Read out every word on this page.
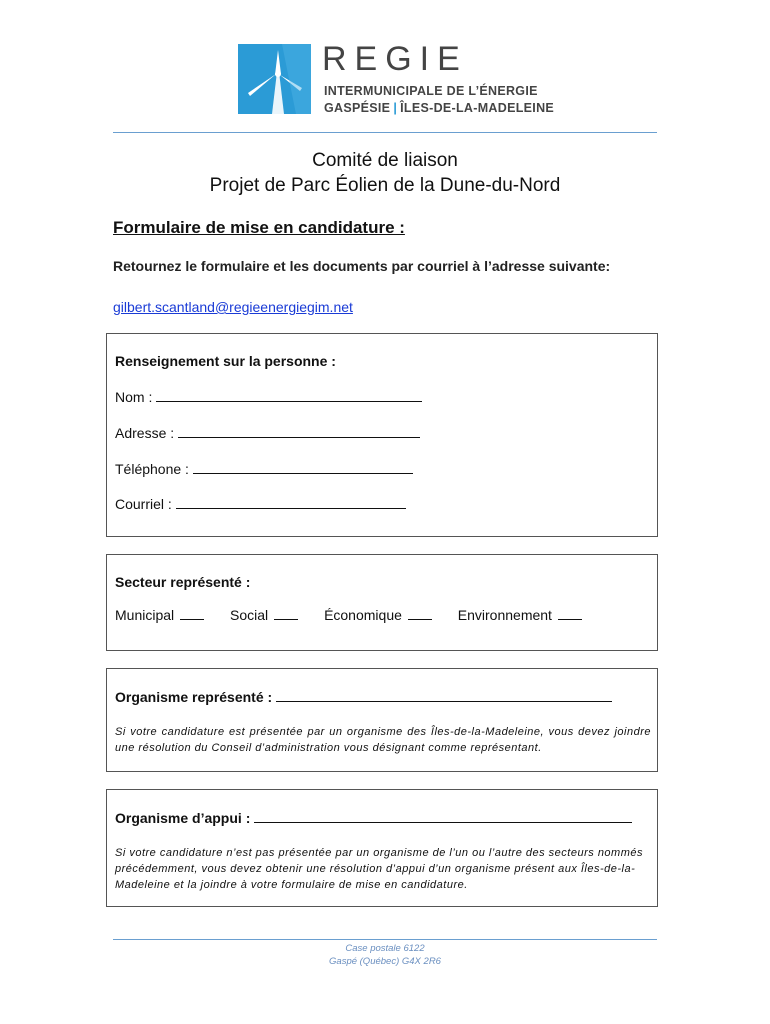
REGIE
INTERMUNICIPALE DE L’ÉNERGIE
GASPÉSIE | ÎLES-DE-LA-MADELEINE
Comité de liaison
Projet de Parc Éolien de la Dune-du-Nord
Formulaire de mise en candidature :
Retournez le formulaire et les documents par courriel à l’adresse suivante:
gilbert.scantland@regieenergiegim.net
Renseignement sur la personne :
Nom :
Adresse :
Téléphone :
Courriel :
Secteur représenté :
Municipal	Social	Économique	Environnement
Organisme représenté :
Si votre candidature est présentée par un organisme des Îles-de-la-Madeleine, vous devez joindre une résolution du Conseil d’administration vous désignant comme représentant.
Organisme d’appui :
Si votre candidature n’est pas présentée par un organisme de l’un ou l’autre des secteurs nommés précédemment, vous devez obtenir une résolution d’appui d’un organisme présent aux Îles-de-la-Madeleine et la joindre à votre formulaire de mise en candidature.
Case postale 6122
Gaspé (Québec) G4X 2R6
